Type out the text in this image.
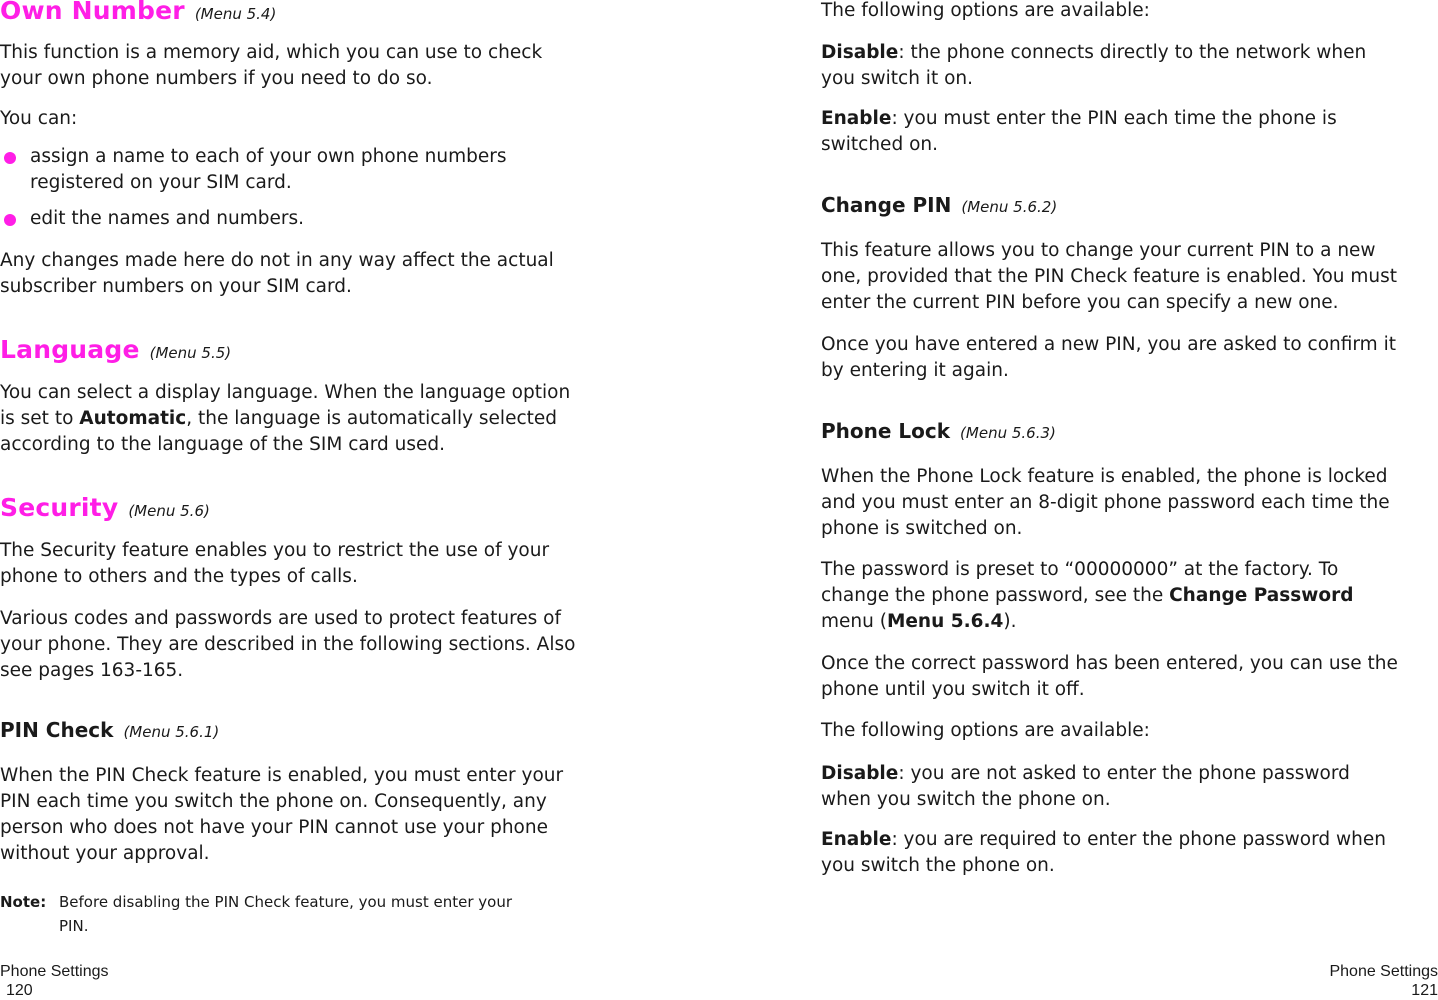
Own Number (Menu 5.4)
This function is a memory aid, which you can use to check
your own phone numbers if you need to do so.
You can:
assign a name to each of your own phone numbers
registered on your SIM card.
edit the names and numbers.
Any changes made here do not in any way affect the actual
subscriber numbers on your SIM card.
Language (Menu 5.5)
You can select a display language. When the language option
is set to Automatic, the language is automatically selected
according to the language of the SIM card used.
Security (Menu 5.6)
The Security feature enables you to restrict the use of your
phone to others and the types of calls.
Various codes and passwords are used to protect features of
your phone. They are described in the following sections. Also
see pages 163-165.
PIN Check (Menu 5.6.1)
When the PIN Check feature is enabled, you must enter your
PIN each time you switch the phone on. Consequently, any
person who does not have your PIN cannot use your phone
without your approval.
Note: Before disabling the PIN Check feature, you must enter your
PIN.
Phone Settings
120
The following options are available:
Disable: the phone connects directly to the network when
you switch it on.
Enable: you must enter the PIN each time the phone is
switched on.
Change PIN (Menu 5.6.2)
This feature allows you to change your current PIN to a new
one, provided that the PIN Check feature is enabled. You must
enter the current PIN before you can specify a new one.
Once you have entered a new PIN, you are asked to confirm it
by entering it again.
Phone Lock (Menu 5.6.3)
When the Phone Lock feature is enabled, the phone is locked
and you must enter an 8-digit phone password each time the
phone is switched on.
The password is preset to “00000000” at the factory. To
change the phone password, see the Change Password
menu (Menu 5.6.4).
Once the correct password has been entered, you can use the
phone until you switch it off.
The following options are available:
Disable: you are not asked to enter the phone password
when you switch the phone on.
Enable: you are required to enter the phone password when
you switch the phone on.
Phone Settings
121
